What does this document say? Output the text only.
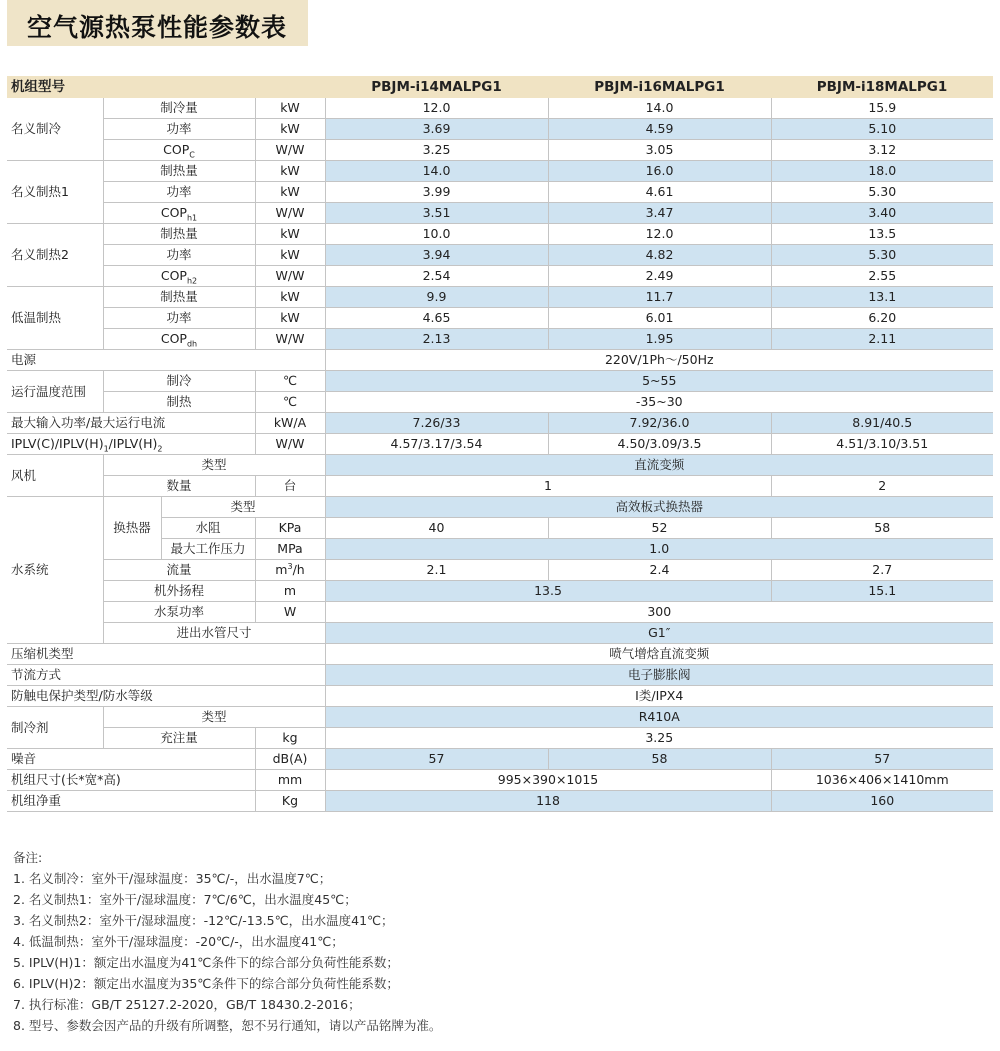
空气源热泵性能参数表
机组型号				PBJM-i14MALPG1	PBJM-i16MALPG1	PBJM-i18MALPG1
名义制冷	制冷量		kW	12.0	14.0	15.9
	功率		kW	3.69	4.59	5.10
	$COP_C$		W/W	3.25	3.05	3.12
名义制热1	制热量		kW	14.0	16.0	18.0
	功率		kW	3.99	4.61	5.30
	$COP_{h1}$		W/W	3.51	3.47	3.40
名义制热2	制热量		kW	10.0	12.0	13.5
	功率		kW	3.94	4.82	5.30
	$COP_{h2}$		W/W	2.54	2.49	2.55
低温制热	制热量		kW	9.9	11.7	13.1
	功率		kW	4.65	6.01	6.20
	$COP_{dh}$		W/W	2.13	1.95	2.11
电源				220V/1Ph～/50Hz		
运行温度范围	制冷		℃	5~55		
	制热		℃	-35~30		
最大输入功率/最大运行电流			kW/A	7.26/33	7.92/36.0	8.91/40.5
$IPLV(C)/IPLV(H)_1/IPLV(H)_2$			W/W	4.57/3.17/3.54	4.50/3.09/3.5	4.51/3.10/3.51
风机	类型			直流变频		
	数量		台	1		2
水系统	换热器	类型		高效板式换热器		
		水阻	KPa	40	52	58
		最大工作压力	MPa	1.0		
	流量		$m^3/h$	2.1	2.4	2.7
	机外扬程		m	13.5		15.1
	水泵功率		W	300		
	进出水管尺寸			G1″		
压缩机类型				喷气增焓直流变频		
节流方式				电子膨胀阀		
防触电保护类型/防水等级				I类/IPX4		
制冷剂	类型			R410A		
	充注量		kg	3.25		
噪音			dB(A)	57	58	57
机组尺寸(长*宽*高)			mm	995×390×1015		1036×406×1410mm
机组净重			Kg	118		160
备注:
1. 名义制冷：室外干/湿球温度：35℃/-，出水温度7℃；
2. 名义制热1：室外干/湿球温度：7℃/6℃，出水温度45℃；
3. 名义制热2：室外干/湿球温度：-12℃/-13.5℃，出水温度41℃；
4. 低温制热：室外干/湿球温度：-20℃/-，出水温度41℃；
5. IPLV(H)1：额定出水温度为41℃条件下的综合部分负荷性能系数；
6. IPLV(H)2：额定出水温度为35℃条件下的综合部分负荷性能系数；
7. 执行标准：GB/T 25127.2-2020，GB/T 18430.2-2016；
8. 型号、参数会因产品的升级有所调整，恕不另行通知，请以产品铭牌为准。
